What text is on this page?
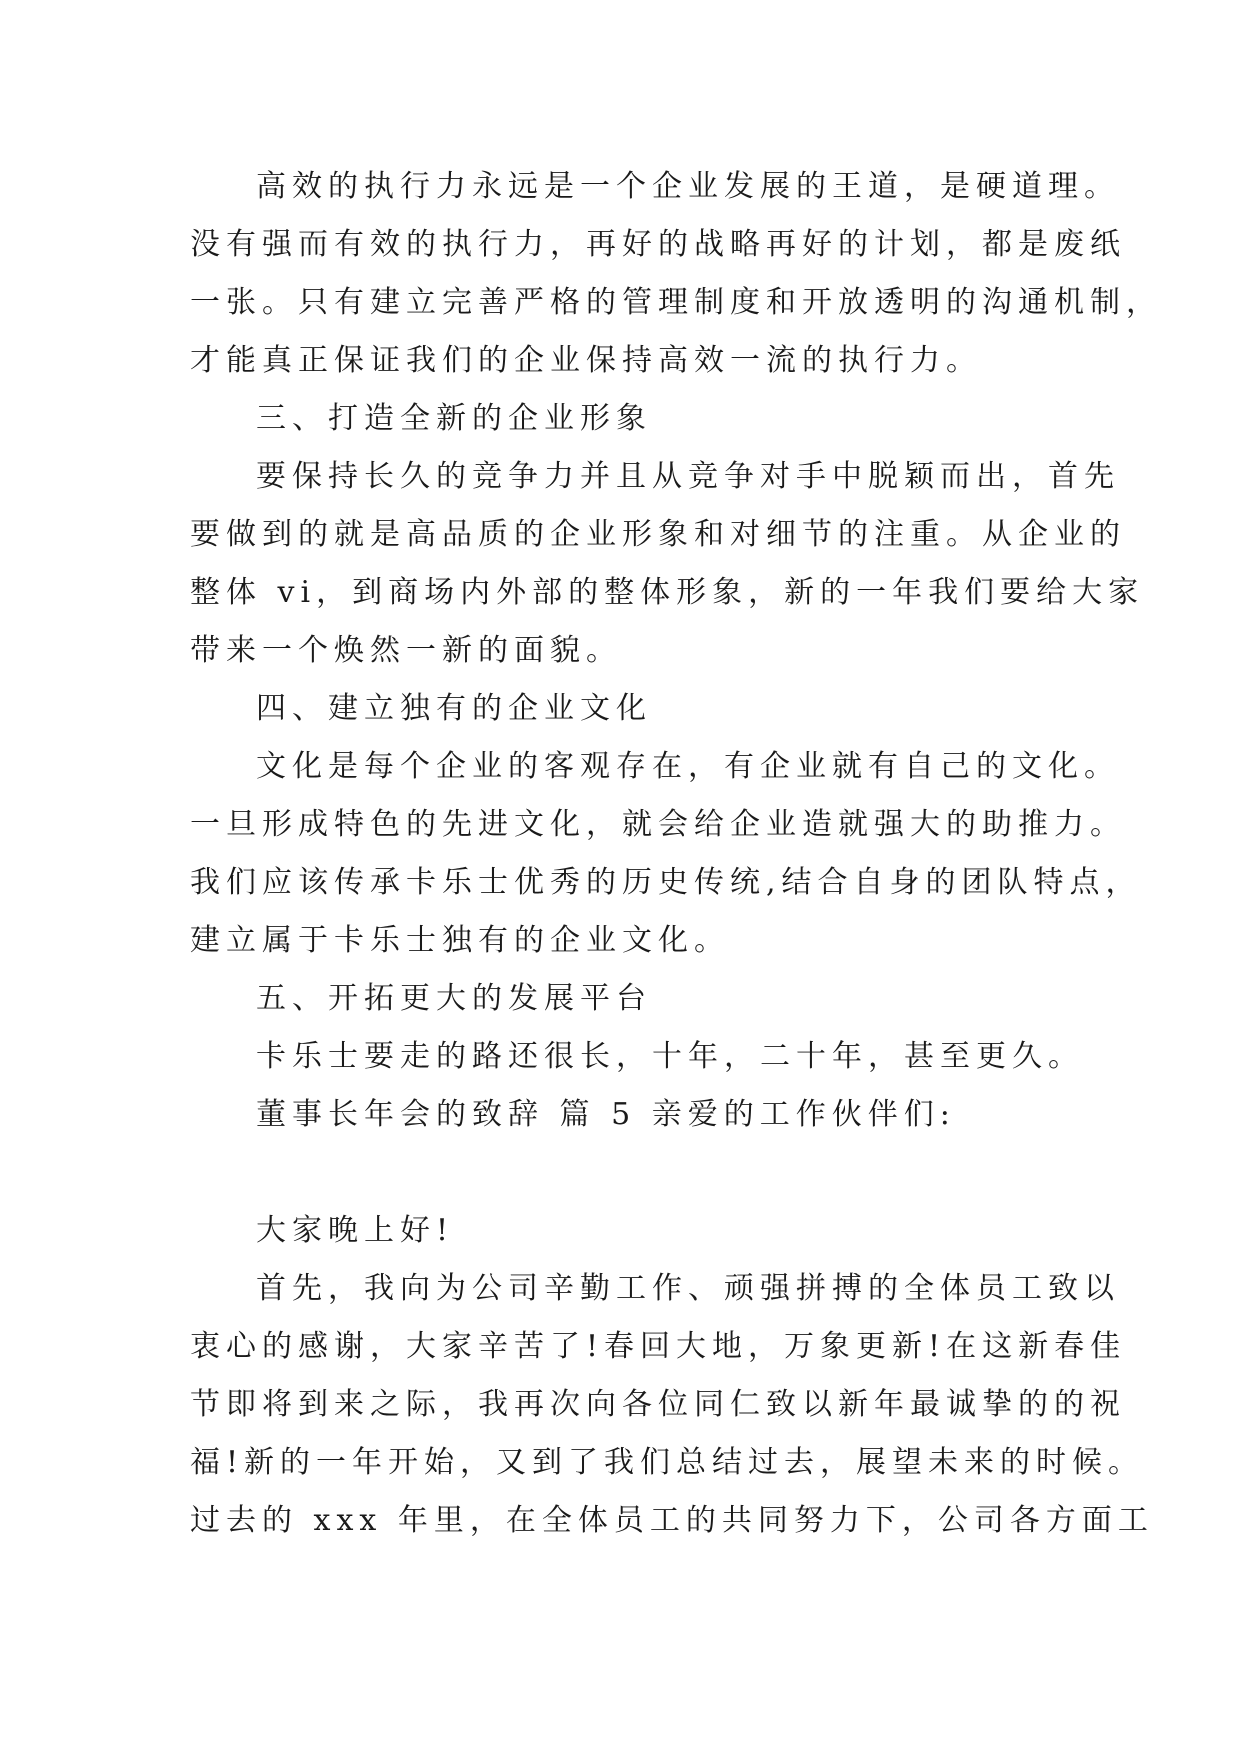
高效的执行力永远是一个企业发展的王道，是硬道理。
没有强而有效的执行力，再好的战略再好的计划，都是废纸
一张。只有建立完善严格的管理制度和开放透明的沟通机制，
才能真正保证我们的企业保持高效一流的执行力。
三、打造全新的企业形象
要保持长久的竞争力并且从竞争对手中脱颖而出，首先
要做到的就是高品质的企业形象和对细节的注重。从企业的
整体 vi，到商场内外部的整体形象，新的一年我们要给大家
带来一个焕然一新的面貌。
四、建立独有的企业文化
文化是每个企业的客观存在，有企业就有自己的文化。
一旦形成特色的先进文化，就会给企业造就强大的助推力。
我们应该传承卡乐士优秀的历史传统,结合自身的团队特点，
建立属于卡乐士独有的企业文化。
五、开拓更大的发展平台
卡乐士要走的路还很长，十年，二十年，甚至更久。
董事长年会的致辞 篇 5 亲爱的工作伙伴们:
大家晚上好!
首先，我向为公司辛勤工作、顽强拼搏的全体员工致以
衷心的感谢，大家辛苦了!春回大地，万象更新!在这新春佳
节即将到来之际，我再次向各位同仁致以新年最诚挚的的祝
福!新的一年开始，又到了我们总结过去，展望未来的时候。
过去的 xxx 年里，在全体员工的共同努力下，公司各方面工
